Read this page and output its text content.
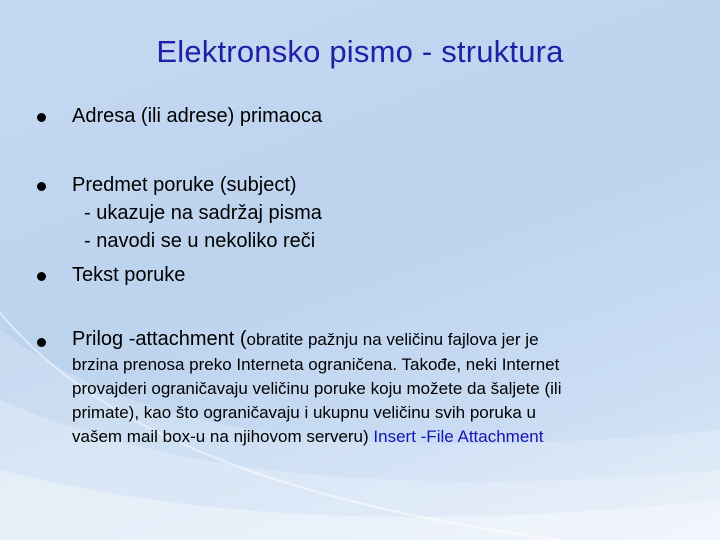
Elektronsko pismo - struktura
Adresa (ili adrese) primaoca
Predmet poruke (subject)
- ukazuje na sadržaj pisma
- navodi se u nekoliko reči
Tekst poruke
Prilog -attachment (obratite pažnju na veličinu fajlova jer je
brzina prenosa preko Interneta ograničena. Takođe, neki Internet
provajderi ograničavaju veličinu poruke koju možete da šaljete (ili
primate), kao što ograničavaju i ukupnu veličinu svih poruka u
vašem mail box-u na njihovom serveru) Insert -File Attachment
